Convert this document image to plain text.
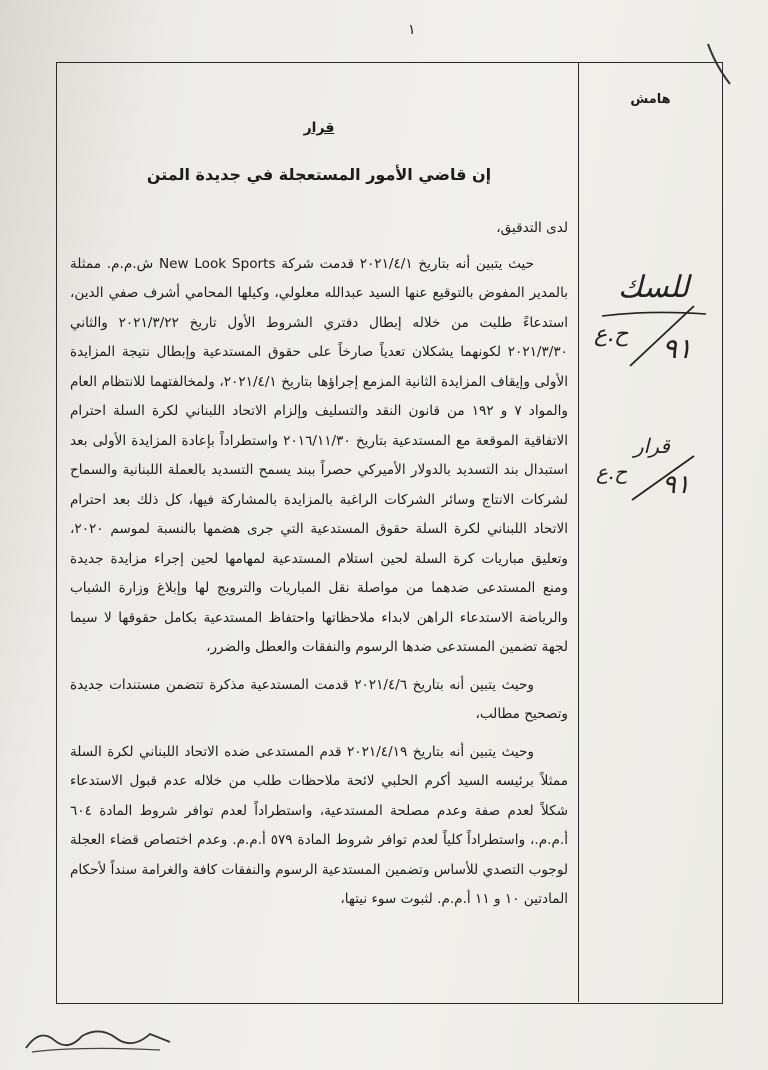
١
هامش
للسك
ح.ع ٩١
قرار
ح.ع ٩١

قرار

إن قاضي الأمور المستعجلة في جديدة المتن

لدى التدقيق،

حيث يتبين أنه بتاريخ ٢٠٢١/٤/١ قدمت شركة New Look Sports ش.م.م. ممثلة بالمدير المفوض بالتوقيع عنها السيد عبدالله معلولي، وكيلها المحامي أشرف صفي الدين، استدعاءً طلبت من خلاله إبطال دفتري الشروط الأول تاريخ ٢٠٢١/٣/٢٢ والثاني ٢٠٢١/٣/٣٠ لكونهما يشكلان تعدياً صارخاً على حقوق المستدعية وإبطال نتيجة المزايدة الأولى وإيقاف المزايدة الثانية المزمع إجراؤها بتاريخ ٢٠٢١/٤/١، ولمخالفتهما للانتظام العام والمواد ٧ و ١٩٢ من قانون النقد والتسليف وإلزام الاتحاد اللبناني لكرة السلة احترام الاتفاقية الموقعة مع المستدعية بتاريخ ٢٠١٦/١١/٣٠ واستطراداً بإعادة المزايدة الأولى بعد استبدال بند التسديد بالدولار الأميركي حصراً ببند يسمح التسديد بالعملة اللبنانية والسماح لشركات الانتاج وسائر الشركات الراغبة بالمزايدة بالمشاركة فيها، كل ذلك بعد احترام الاتحاد اللبناني لكرة السلة حقوق المستدعية التي جرى هضمها بالنسبة لموسم ٢٠٢٠، وتعليق مباريات كرة السلة لحين استلام المستدعية لمهامها لحين إجراء مزايدة جديدة ومنع المستدعى ضدهما من مواصلة نقل المباريات والترويج لها وإبلاغ وزارة الشباب والرياضة الاستدعاء الراهن لابداء ملاحظاتها واحتفاظ المستدعية بكامل حقوقها لا سيما لجهة تضمين المستدعى ضدها الرسوم والنفقات والعطل والضرر،

وحيث يتبين أنه بتاريخ ٢٠٢١/٤/٦ قدمت المستدعية مذكرة تتضمن مستندات جديدة وتصحيح مطالب،

وحيث يتبين أنه بتاريخ ٢٠٢١/٤/١٩ قدم المستدعى ضده الاتحاد اللبناني لكرة السلة ممثلاً برئيسه السيد أكرم الحلبي لائحة ملاحظات طلب من خلاله عدم قبول الاستدعاء شكلاً لعدم صفة وعدم مصلحة المستدعية، واستطراداً لعدم توافر شروط المادة ٦٠٤ أ.م.م.، واستطراداً كلياً لعدم توافر شروط المادة ٥٧٩ أ.م.م. وعدم اختصاص قضاء العجلة لوجوب التصدي للأساس وتضمين المستدعية الرسوم والنفقات كافة والغرامة سنداً لأحكام المادتين ١٠ و ١١ أ.م.م. لثبوت سوء نيتها،
